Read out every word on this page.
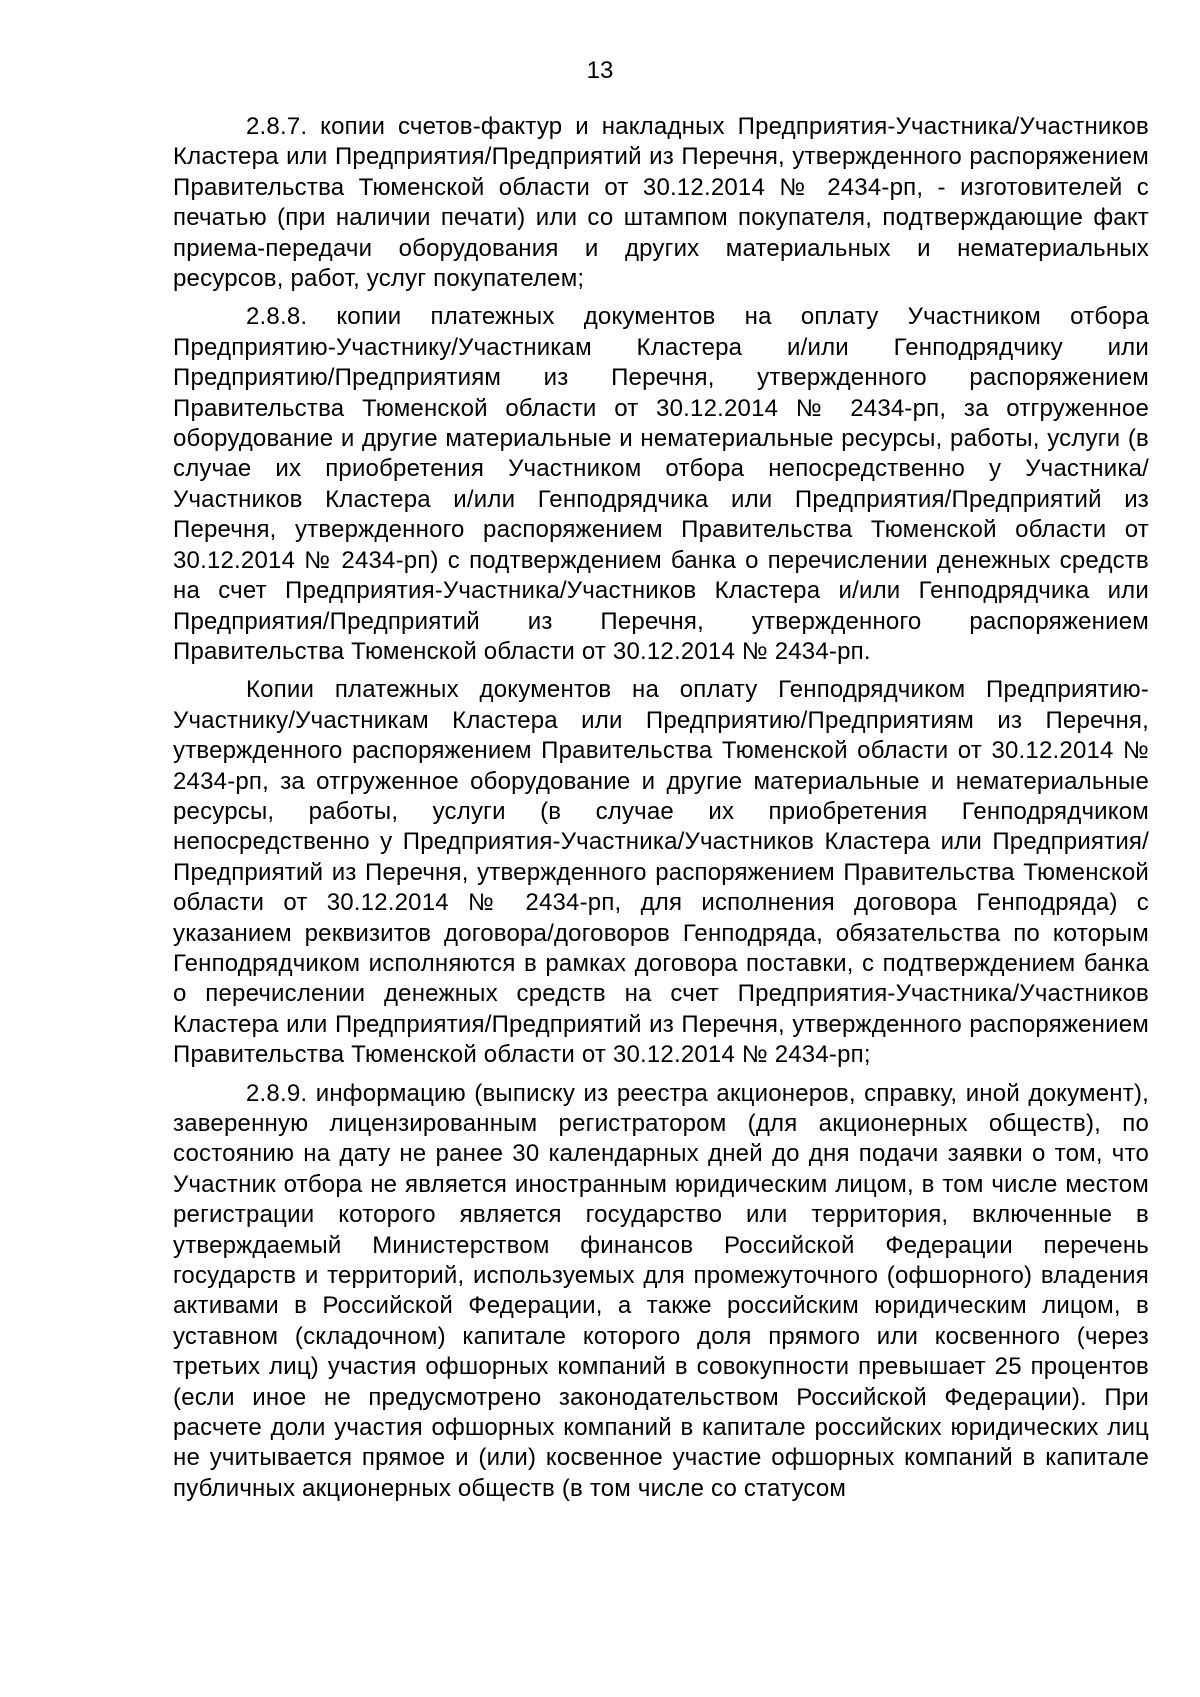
13

2.8.7. копии счетов-фактур и накладных Предприятия-Участника/Участников Кластера или Предприятия/Предприятий из Перечня, утвержденного распоряжением Правительства Тюменской области от 30.12.2014 № 2434-рп, - изготовителей с печатью (при наличии печати) или со штампом покупателя, подтверждающие факт приема-передачи оборудования и других материальных и нематериальных ресурсов, работ, услуг покупателем;

2.8.8. копии платежных документов на оплату Участником отбора Предприятию-Участнику/Участникам Кластера и/или Генподрядчику или Предприятию/Предприятиям из Перечня, утвержденного распоряжением Правительства Тюменской области от 30.12.2014 № 2434-рп, за отгруженное оборудование и другие материальные и нематериальные ресурсы, работы, услуги (в случае их приобретения Участником отбора непосредственно у Участника/Участников Кластера и/или Генподрядчика или Предприятия/Предприятий из Перечня, утвержденного распоряжением Правительства Тюменской области от 30.12.2014 № 2434-рп) с подтверждением банка о перечислении денежных средств на счет Предприятия-Участника/Участников Кластера и/или Генподрядчика или Предприятия/Предприятий из Перечня, утвержденного распоряжением Правительства Тюменской области от 30.12.2014 № 2434-рп.

Копии платежных документов на оплату Генподрядчиком Предприятию-Участнику/Участникам Кластера или Предприятию/Предприятиям из Перечня, утвержденного распоряжением Правительства Тюменской области от 30.12.2014 № 2434-рп, за отгруженное оборудование и другие материальные и нематериальные ресурсы, работы, услуги (в случае их приобретения Генподрядчиком непосредственно у Предприятия-Участника/Участников Кластера или Предприятия/Предприятий из Перечня, утвержденного распоряжением Правительства Тюменской области от 30.12.2014 № 2434-рп, для исполнения договора Генподряда) с указанием реквизитов договора/договоров Генподряда, обязательства по которым Генподрядчиком исполняются в рамках договора поставки, с подтверждением банка о перечислении денежных средств на счет Предприятия-Участника/Участников Кластера или Предприятия/Предприятий из Перечня, утвержденного распоряжением Правительства Тюменской области от 30.12.2014 № 2434-рп;

2.8.9. информацию (выписку из реестра акционеров, справку, иной документ), заверенную лицензированным регистратором (для акционерных обществ), по состоянию на дату не ранее 30 календарных дней до дня подачи заявки о том, что Участник отбора не является иностранным юридическим лицом, в том числе местом регистрации которого является государство или территория, включенные в утверждаемый Министерством финансов Российской Федерации перечень государств и территорий, используемых для промежуточного (офшорного) владения активами в Российской Федерации, а также российским юридическим лицом, в уставном (складочном) капитале которого доля прямого или косвенного (через третьих лиц) участия офшорных компаний в совокупности превышает 25 процентов (если иное не предусмотрено законодательством Российской Федерации). При расчете доли участия офшорных компаний в капитале российских юридических лиц не учитывается прямое и (или) косвенное участие офшорных компаний в капитале публичных акционерных обществ (в том числе со статусом
